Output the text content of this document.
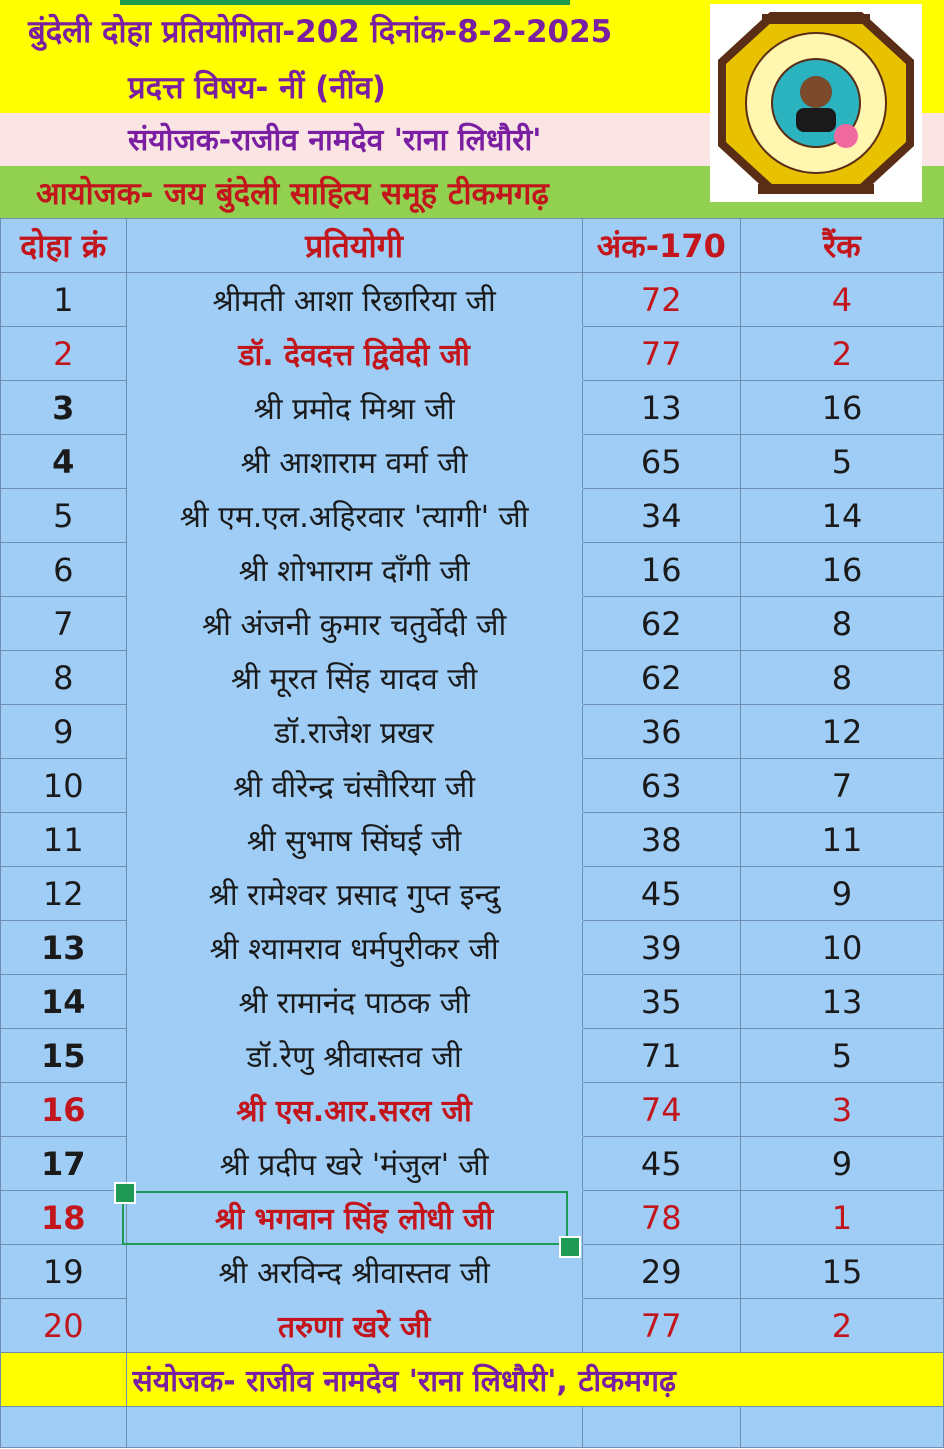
बुंदेली दोहा प्रतियोगिता-202 दिनांक-8-2-2025
प्रदत्त विषय- नीं (नींव)
संयोजक-राजीव नामदेव 'राना लिधौरी'
आयोजक- जय बुंदेली साहित्य समूह टीकमगढ़
दोहा क्रं	प्रतियोगी	अंक-170	रैंक
1	श्रीमती आशा रिछारिया जी	72	4
2	डॉ. देवदत्त द्विवेदी जी	77	2
3	श्री प्रमोद मिश्रा जी	13	16
4	श्री आशाराम वर्मा जी	65	5
5	श्री एम.एल.अहिरवार 'त्यागी' जी	34	14
6	श्री शोभाराम दाँगी जी	16	16
7	श्री अंजनी कुमार चतुर्वेदी जी	62	8
8	श्री मूरत सिंह यादव जी	62	8
9	डॉ.राजेश प्रखर	36	12
10	श्री वीरेन्द्र चंसौरिया जी	63	7
11	श्री सुभाष सिंघई जी	38	11
12	श्री रामेश्वर प्रसाद गुप्त इन्दु	45	9
13	श्री श्यामराव धर्मपुरीकर जी	39	10
14	श्री रामानंद पाठक जी	35	13
15	डॉ.रेणु श्रीवास्तव जी	71	5
16	श्री एस.आर.सरल जी	74	3
17	श्री प्रदीप खरे 'मंजुल' जी	45	9
18	श्री भगवान सिंह लोधी जी	78	1
19	श्री अरविन्द श्रीवास्तव जी	29	15
20	तरुणा खरे जी	77	2
	संयोजक- राजीव नामदेव 'राना लिधौरी', टीकमगढ़		
